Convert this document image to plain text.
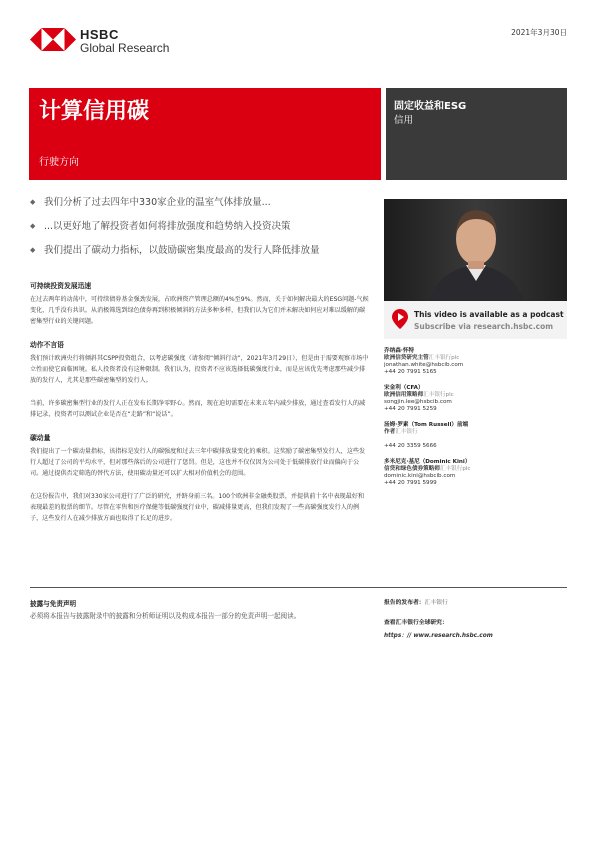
HSBC
Global Research
2021年3月30日
计算信用碳
行驶方向
固定收益和ESG
信用
◆ 我们分析了过去四年中330家企业的温室气体排放量...
◆ ...以更好地了解投资者如何将排放强度和趋势纳入投资决策
◆ 我们提出了碳动力指标，以鼓励碳密集度最高的发行人降低排放量
可持续投资发展迅速

在过去两年的动荡中，可持续债券基金强劲发展，占欧洲资产管理总额的4%至9%。然而，关于如何解决最大的ESG问题-气候变化，几乎没有共识。从消极筛选到绿色债券再到积极倾斜的方法多种多样，但我们认为它们并未解决如何应对难以缓解的碳密集型行业的关键问题。

动作不言语

我们预计欧洲央行将倾斜其CSPP投资组合，以考虑碳强度（请参阅“倾斜行动”，2021年3月29日），但是由于需要观察市场中立性而使它面临困境。私人投资者没有这种限制。我们认为，投资者不应该选择低碳强度行业，而是应该优先考虑那些减少排放的发行人，尤其是那些碳密集型的发行人。

当前，许多碳密集型行业的发行人正在发布长期净零野心。然而，现在迫切需要在未来五年内减少排放，通过查看发行人的减排记录，投资者可以测试企业是否在“走路”和“说话”。

碳动量

我们提出了一个碳动量指标，该指标是发行人的碳强度和过去三年中碳排放量变化的乘积。这奖励了碳密集型发行人，这些发行人超过了公司的平均水平，但对那些落后的公司进行了惩罚。但是，这也并不仅仅因为公司处于低碳排放行业而偏向于公司。通过提供否定筛选的替代方法，使用碳动量还可以扩大相对价值机会的范围。

在这份报告中，我们对330家公司进行了广泛的研究，并跻身前三名。100个欧洲非金融类股票，并提供前十名中表现最好和表现最差的股票的细节。尽管在零售和医疗保健等低碳强度行业中，碳减排量更高，但我们发现了一些高碳强度发行人的例子，这些发行人在减少排放方面也取得了长足的进步。

This video is available as a podcast
Subscribe via research.hsbc.com
乔纳森·怀特
欧洲信贷研究主管汇丰银行plc
jonathan.white@hsbcib.com
+44 20 7991 5165
宋金利（CFA）
欧洲信用策略师汇丰银行plc
songjin.lee@hsbcib.com
+44 20 7991 5259
汤姆·罗素（Tom Russell）前端
作者汇丰银行
+44 20 3359 5666
多米尼克·基尼（Dominic Kini）
信贷和绿色债券策略师汇丰银行plc
dominic.kini@hsbcib.com
+44 20 7991 5999
披露与免责声明
必须将本报告与披露附录中的披露和分析师证明以及构成本报告一部分的免责声明一起阅读。
报告的发布者：汇丰银行
查看汇丰银行全球研究：
https：// www.research.hsbc.com
